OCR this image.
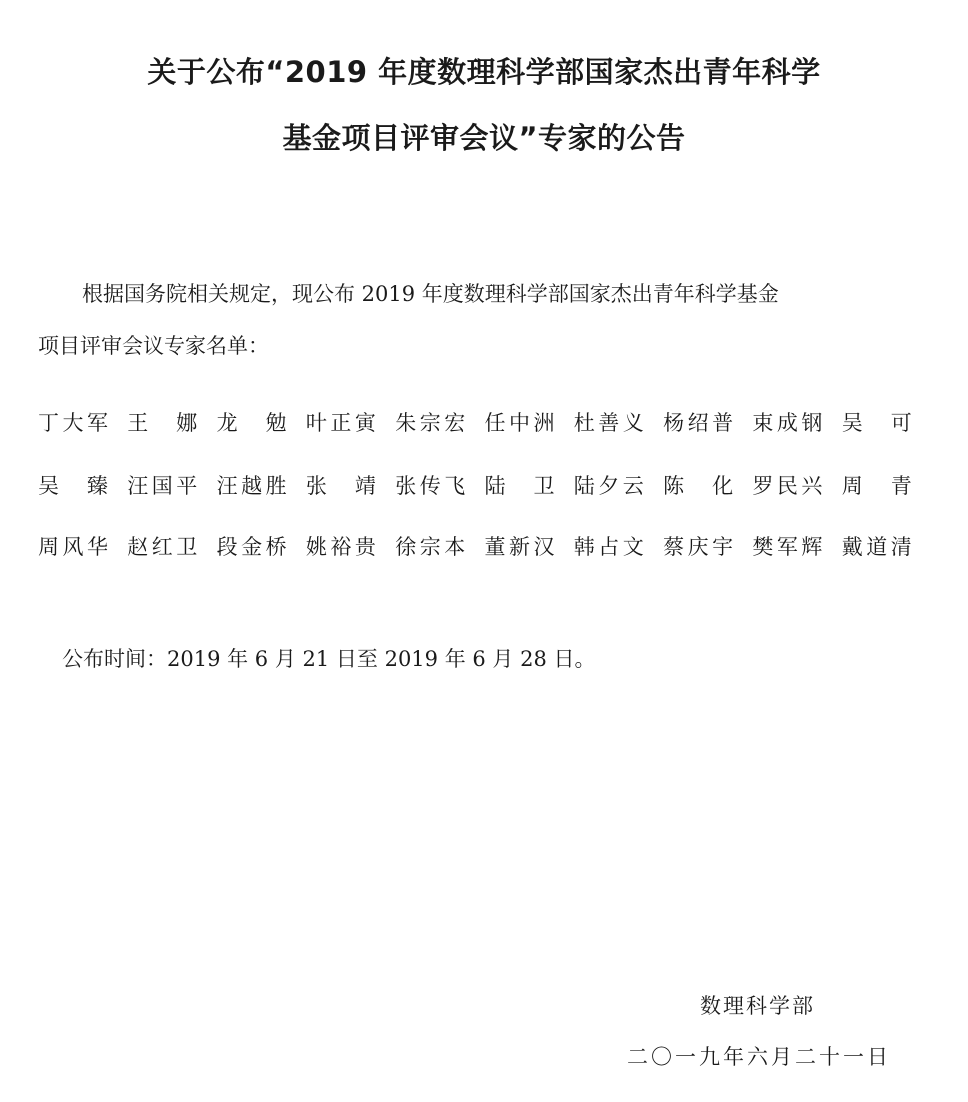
关于公布“2019 年度数理科学部国家杰出青年科学
基金项目评审会议”专家的公告
根据国务院相关规定，现公布 2019 年度数理科学部国家杰出青年科学基金
项目评审会议专家名单：
丁 大 军 王 娜 龙 勉 叶 正 寅 朱 宗 宏 任 中 洲 杜 善 义 杨 绍 普 束 成 钢 吴 可
吴 臻 汪 国 平 汪 越 胜 张 靖 张 传 飞 陆 卫 陆 夕 云 陈 化 罗 民 兴 周 青
周 风 华 赵 红 卫 段 金 桥 姚 裕 贵 徐 宗 本 董 新 汉 韩 占 文 蔡 庆 宇 樊 军 辉 戴 道 清
公布时间：2019 年 6 月 21 日至 2019 年 6 月 28 日。
数理科学部
二〇一九年六月二十一日
